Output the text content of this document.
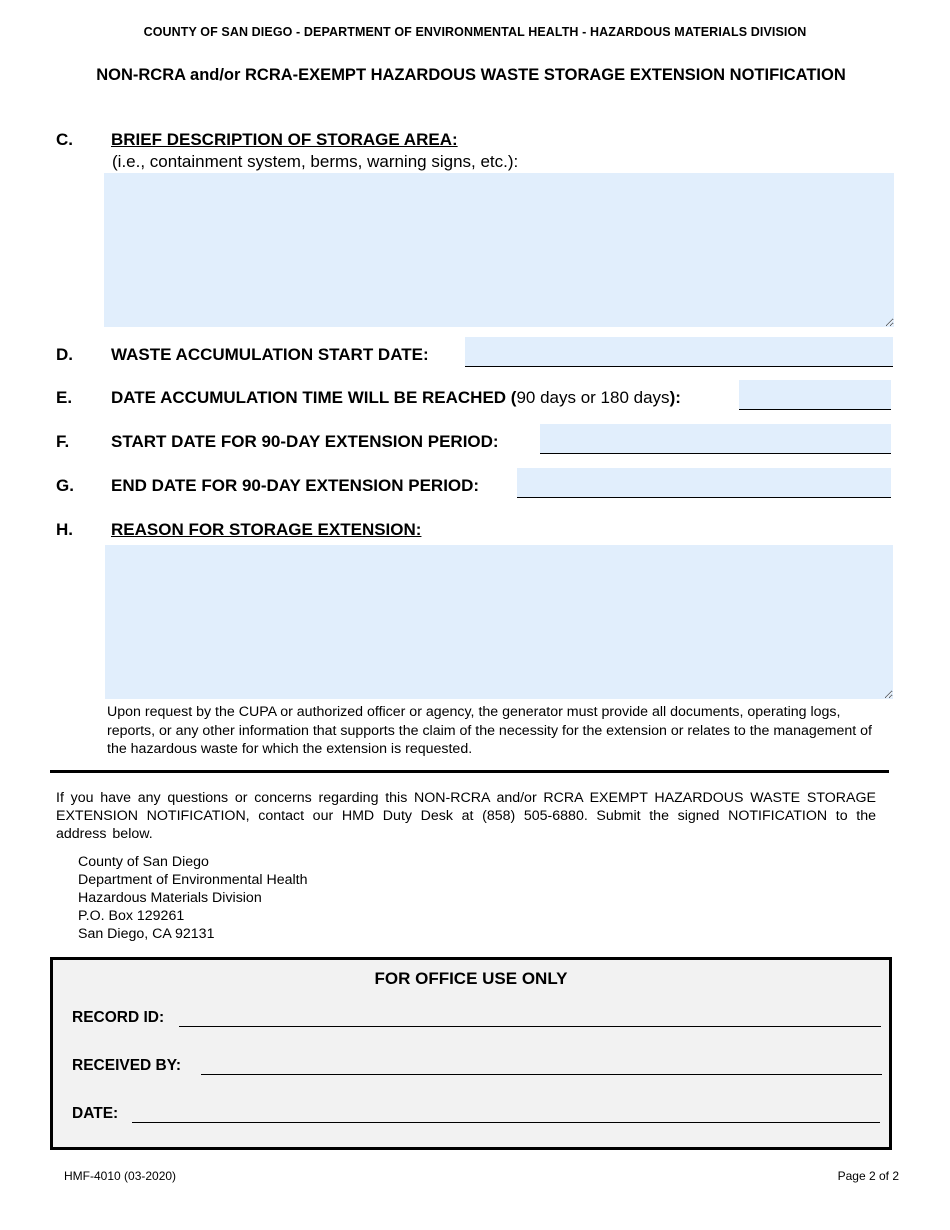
COUNTY OF SAN DIEGO - DEPARTMENT OF ENVIRONMENTAL HEALTH - HAZARDOUS MATERIALS DIVISION
NON-RCRA and/or RCRA-EXEMPT HAZARDOUS WASTE STORAGE EXTENSION NOTIFICATION
C. BRIEF DESCRIPTION OF STORAGE AREA:
(i.e., containment system, berms, warning signs, etc.):
D. WASTE ACCUMULATION START DATE:
E. DATE ACCUMULATION TIME WILL BE REACHED (90 days or 180 days):
F. START DATE FOR 90-DAY EXTENSION PERIOD:
G. END DATE FOR 90-DAY EXTENSION PERIOD:
H. REASON FOR STORAGE EXTENSION:
Upon request by the CUPA or authorized officer or agency, the generator must provide all documents, operating logs, reports, or any other information that supports the claim of the necessity for the extension or relates to the management of the hazardous waste for which the extension is requested.
If you have any questions or concerns regarding this NON-RCRA and/or RCRA EXEMPT HAZARDOUS WASTE STORAGE EXTENSION NOTIFICATION, contact our HMD Duty Desk at (858) 505-6880. Submit the signed NOTIFICATION to the address below.
County of San Diego
Department of Environmental Health
Hazardous Materials Division
P.O. Box 129261
San Diego, CA 92131
FOR OFFICE USE ONLY
RECORD ID:
RECEIVED BY:
DATE:
HMF-4010 (03-2020)	Page 2 of 2
